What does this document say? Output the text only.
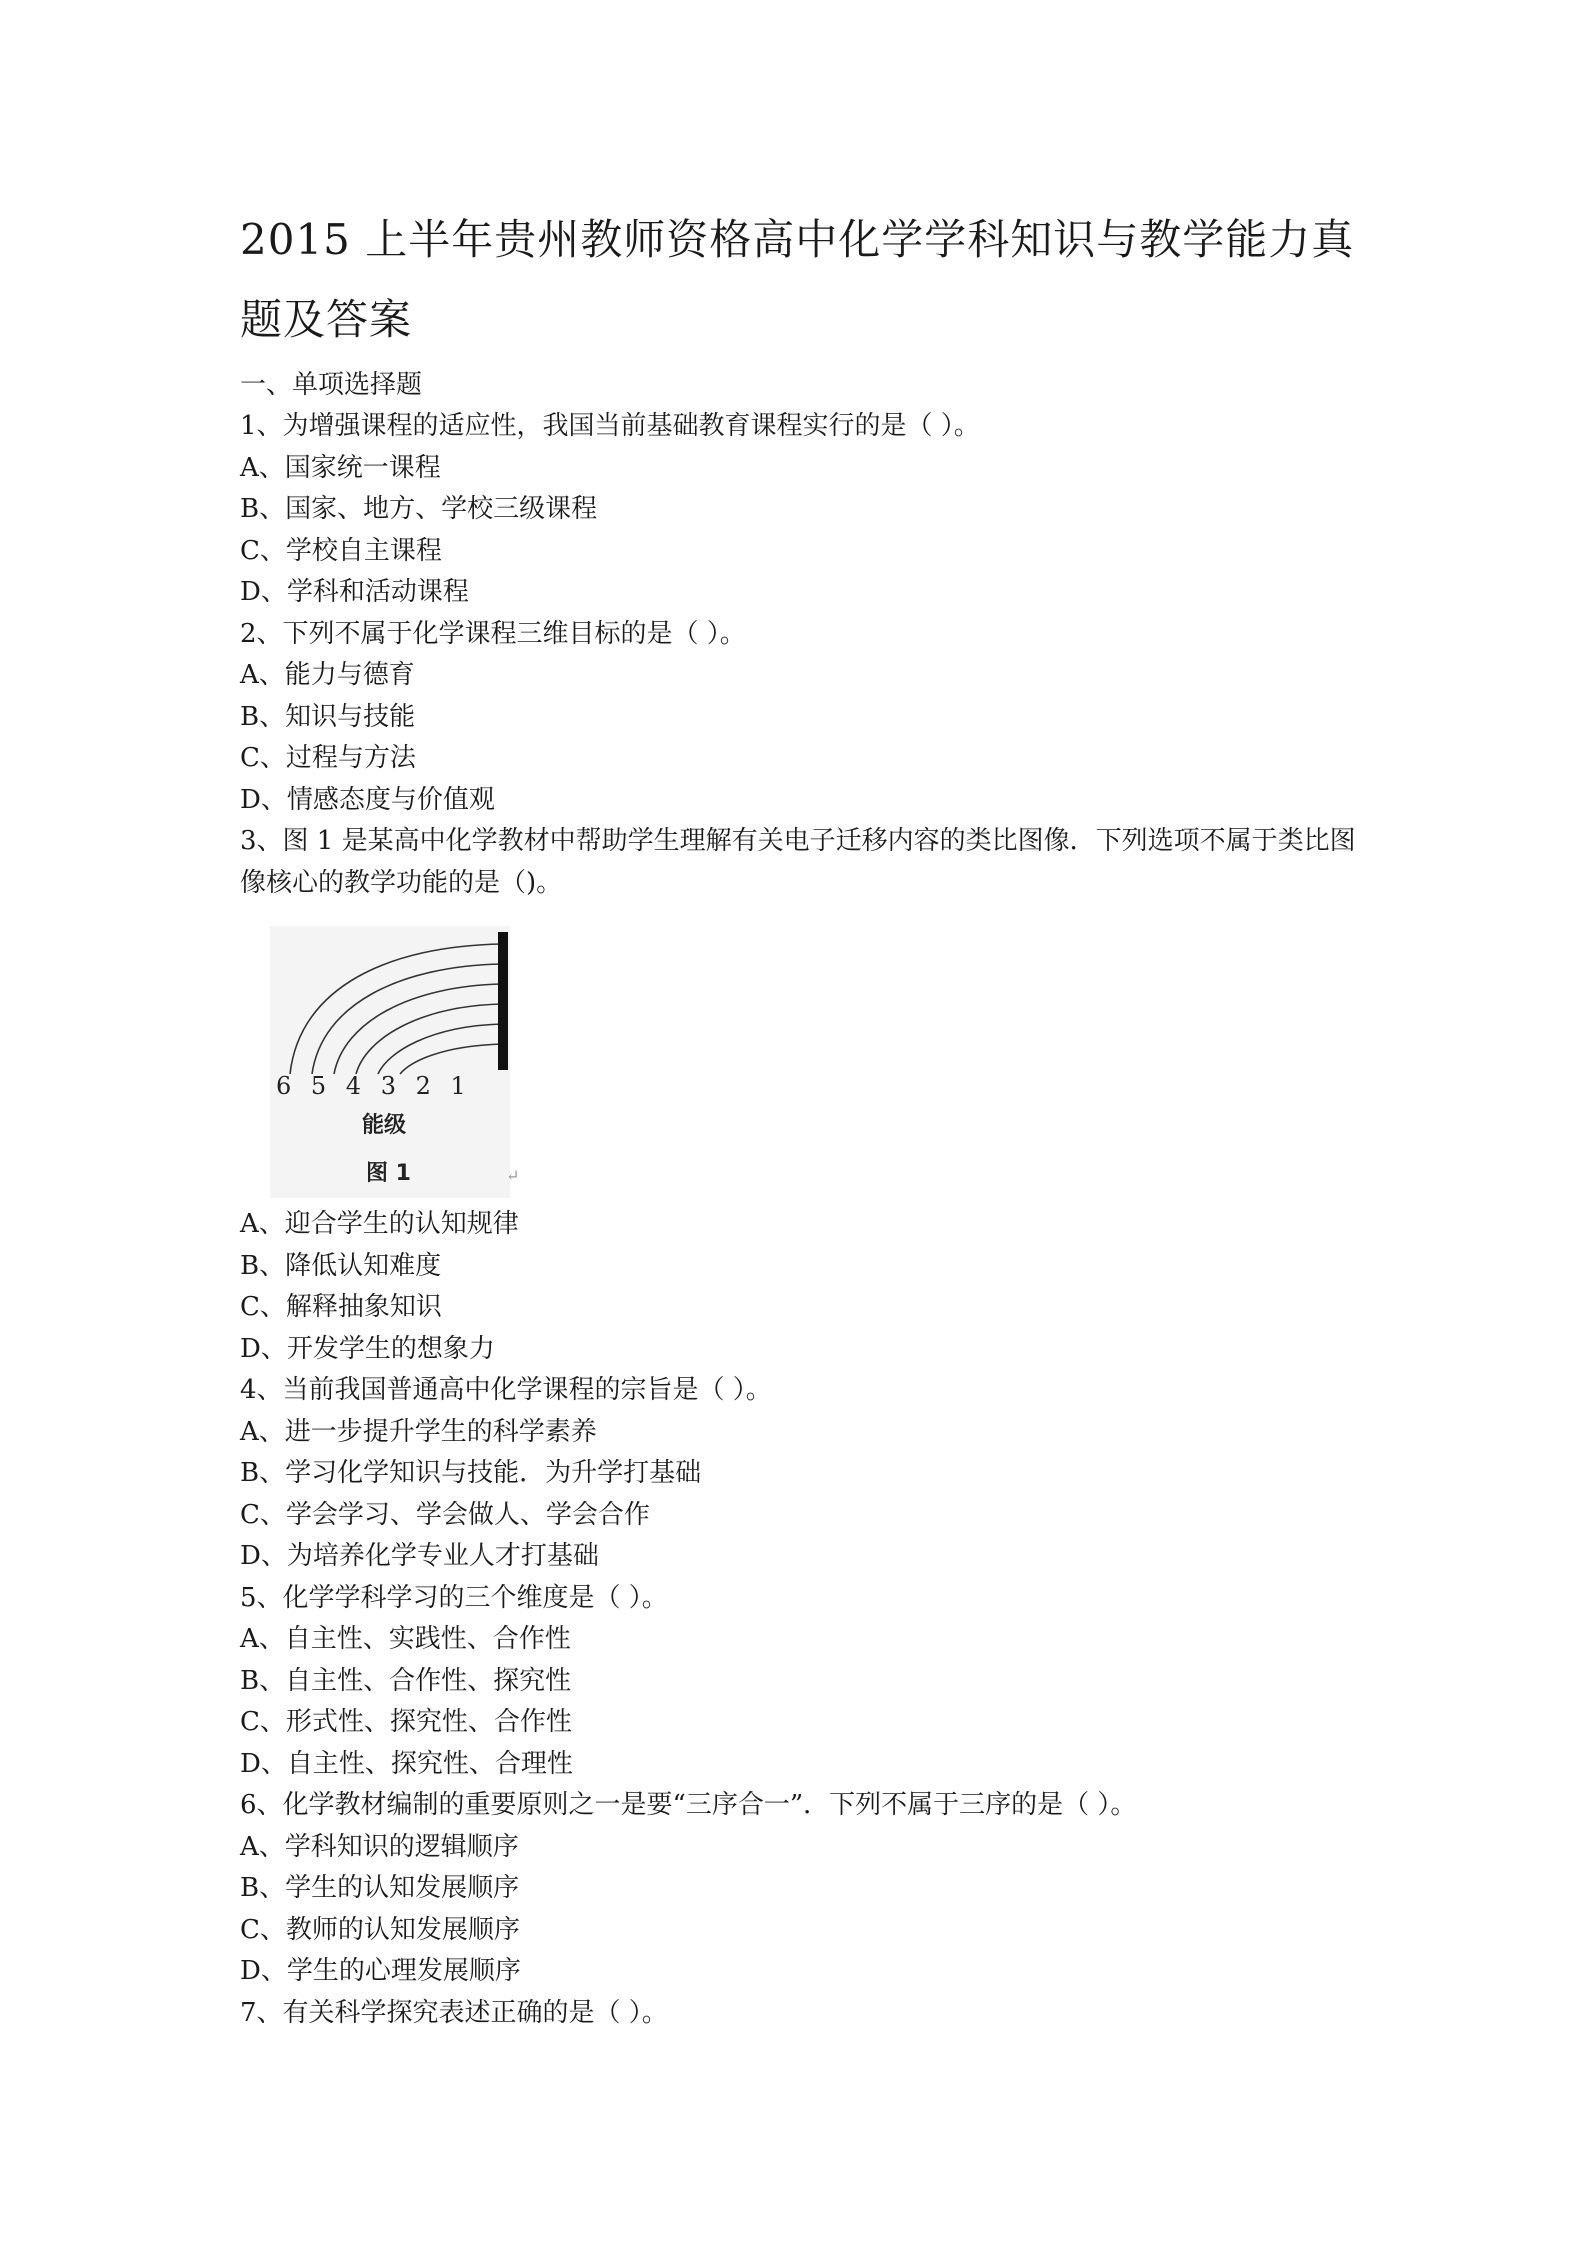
2015 上半年贵州教师资格高中化学学科知识与教学能力真
题及答案
一、单项选择题
1、为增强课程的适应性，我国当前基础教育课程实行的是（ ）。
A、国家统一课程
B、国家、地方、学校三级课程
C、学校自主课程
D、学科和活动课程
2、下列不属于化学课程三维目标的是（ ）。
A、能力与德育
B、知识与技能
C、过程与方法
D、情感态度与价值观
3、图 1 是某高中化学教材中帮助学生理解有关电子迁移内容的类比图像．下列选项不属于类比图像核心的教学功能的是（)。
6 5 4 3 2 1
能级
图 1	↵
A、迎合学生的认知规律
B、降低认知难度
C、解释抽象知识
D、开发学生的想象力
4、当前我国普通高中化学课程的宗旨是（ ）。
A、进一步提升学生的科学素养
B、学习化学知识与技能．为升学打基础
C、学会学习、学会做人、学会合作
D、为培养化学专业人才打基础
5、化学学科学习的三个维度是（ ）。
A、自主性、实践性、合作性
B、自主性、合作性、探究性
C、形式性、探究性、合作性
D、自主性、探究性、合理性
6、化学教材编制的重要原则之一是要“三序合一”．下列不属于三序的是（ ）。
A、学科知识的逻辑顺序
B、学生的认知发展顺序
C、教师的认知发展顺序
D、学生的心理发展顺序
7、有关科学探究表述正确的是（ ）。
